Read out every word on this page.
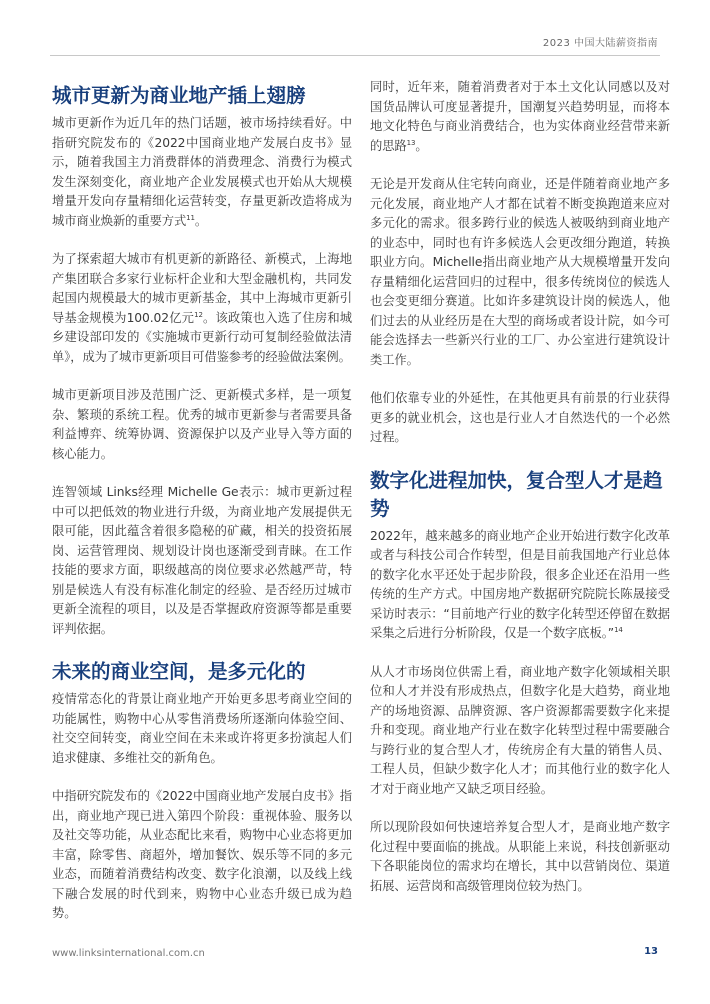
2023 中国大陆薪资指南
城市更新为商业地产插上翅膀

城市更新作为近几年的热门话题，被市场持续看好。中指研究院发布的《2022中国商业地产发展白皮书》显示，随着我国主力消费群体的消费理念、消费行为模式发生深刻变化，商业地产企业发展模式也开始从大规模增量开发向存量精细化运营转变，存量更新改造将成为城市商业焕新的重要方式$^{11}$。

为了探索超大城市有机更新的新路径、新模式，上海地产集团联合多家行业标杆企业和大型金融机构，共同发起国内规模最大的城市更新基金，其中上海城市更新引导基金规模为100.02亿元$^{12}$。该政策也入选了住房和城乡建设部印发的《实施城市更新行动可复制经验做法清单》，成为了城市更新项目可借鉴参考的经验做法案例。

城市更新项目涉及范围广泛、更新模式多样，是一项复杂、繁琐的系统工程。优秀的城市更新参与者需要具备利益博弈、统筹协调、资源保护以及产业导入等方面的核心能力。

连智领域 Links经理 Michelle Ge表示：城市更新过程中可以把低效的物业进行升级，为商业地产发展提供无限可能，因此蕴含着很多隐秘的矿藏，相关的投资拓展岗、运营管理岗、规划设计岗也逐渐受到青睐。在工作技能的要求方面，职级越高的岗位要求必然越严苛，特别是候选人有没有标准化制定的经验、是否经历过城市更新全流程的项目，以及是否掌握政府资源等都是重要评判依据。

未来的商业空间，是多元化的

疫情常态化的背景让商业地产开始更多思考商业空间的功能属性，购物中心从零售消费场所逐渐向体验空间、社交空间转变，商业空间在未来或许将更多扮演起人们追求健康、多维社交的新角色。

中指研究院发布的《2022中国商业地产发展白皮书》指出，商业地产现已进入第四个阶段：重视体验、服务以及社交等功能，从业态配比来看，购物中心业态将更加丰富，除零售、商超外，增加餐饮、娱乐等不同的多元业态，而随着消费结构改变、数字化浪潮，以及线上线下融合发展的时代到来，购物中心业态升级已成为趋势。

同时，近年来，随着消费者对于本土文化认同感以及对国货品牌认可度显著提升，国潮复兴趋势明显，而将本地文化特色与商业消费结合，也为实体商业经营带来新的思路$^{13}$。

无论是开发商从住宅转向商业，还是伴随着商业地产多元化发展，商业地产人才都在试着不断变换跑道来应对多元化的需求。很多跨行业的候选人被吸纳到商业地产的业态中，同时也有许多候选人会更改细分跑道，转换职业方向。Michelle指出商业地产从大规模增量开发向存量精细化运营回归的过程中，很多传统岗位的候选人也会变更细分赛道。比如许多建筑设计岗的候选人，他们过去的从业经历是在大型的商场或者设计院，如今可能会选择去一些新兴行业的工厂、办公室进行建筑设计类工作。

他们依靠专业的外延性，在其他更具有前景的行业获得更多的就业机会，这也是行业人才自然迭代的一个必然过程。

数字化进程加快，复合型人才是趋势

2022年，越来越多的商业地产企业开始进行数字化改革或者与科技公司合作转型，但是目前我国地产行业总体的数字化水平还处于起步阶段，很多企业还在沿用一些传统的生产方式。中国房地产数据研究院院长陈晟接受采访时表示：“目前地产行业的数字化转型还停留在数据采集之后进行分析阶段，仅是一个数字底板。”$^{14}$

从人才市场岗位供需上看，商业地产数字化领域相关职位和人才并没有形成热点，但数字化是大趋势，商业地产的场地资源、品牌资源、客户资源都需要数字化来提升和变现。商业地产行业在数字化转型过程中需要融合与跨行业的复合型人才，传统房企有大量的销售人员、工程人员，但缺少数字化人才；而其他行业的数字化人才对于商业地产又缺乏项目经验。

所以现阶段如何快速培养复合型人才，是商业地产数字化过程中要面临的挑战。从职能上来说，科技创新驱动下各职能岗位的需求均在增长，其中以营销岗位、渠道拓展、运营岗和高级管理岗位较为热门。

www.linksinternational.com.cn	13
